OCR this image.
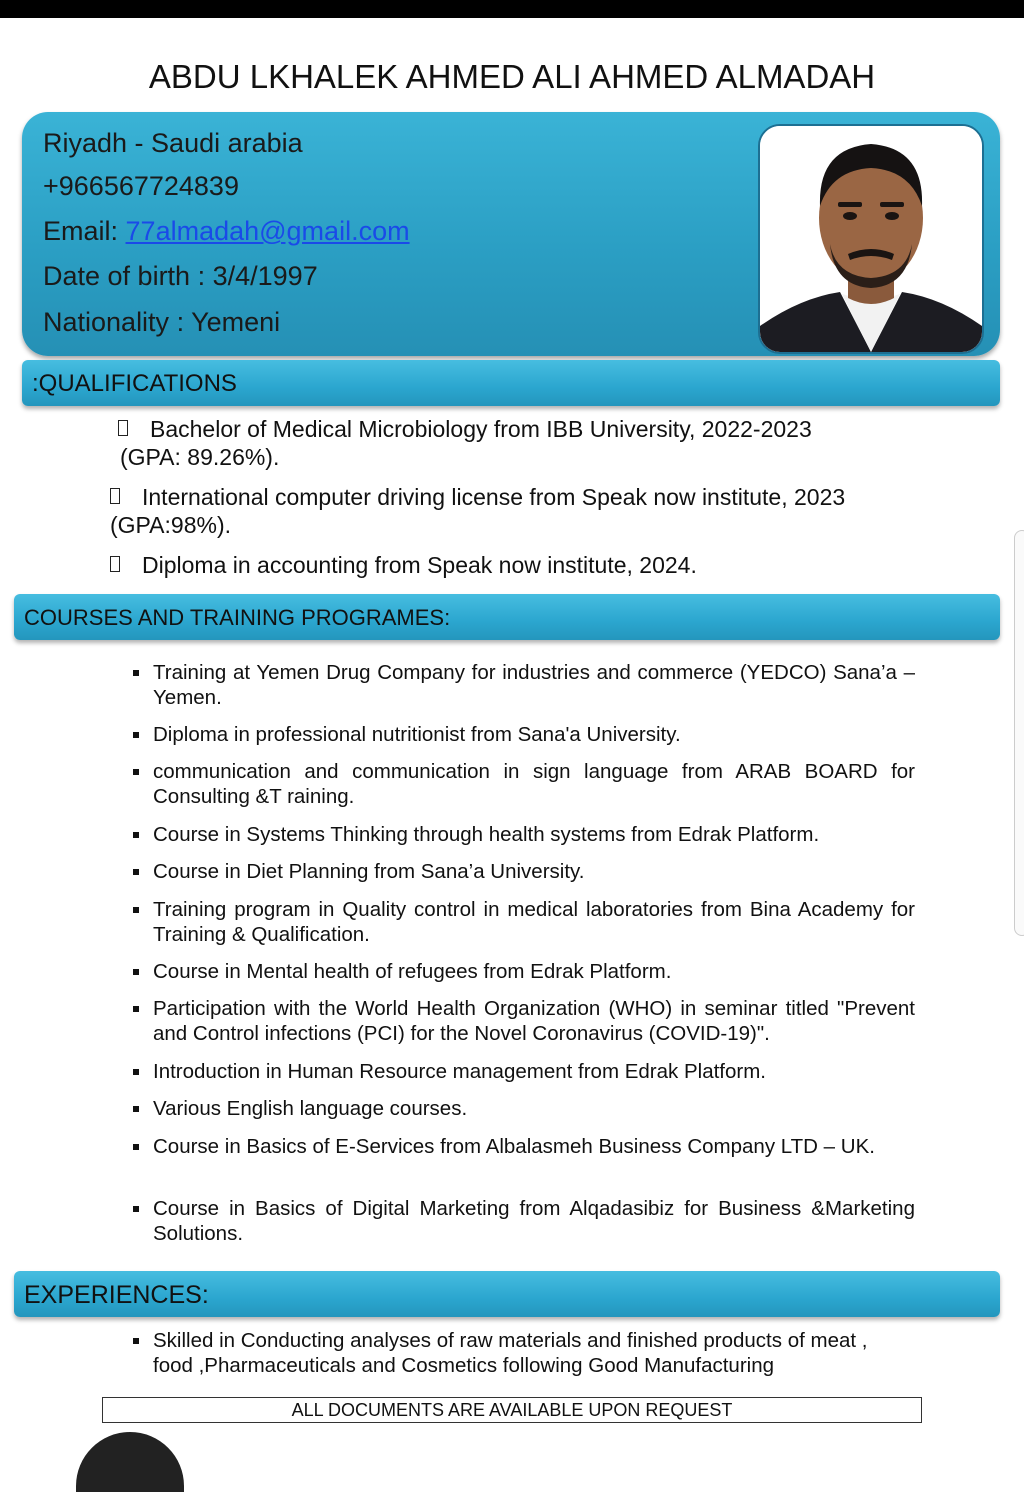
ABDU LKHALEK AHMED ALI AHMED ALMADAH
Riyadh - Saudi arabia
+966567724839
Email: 77almadah@gmail.com
Date of birth : 3/4/1997
Nationality : Yemeni
:QUALIFICATIONS
Bachelor of Medical Microbiology from IBB University, 2022-2023
(GPA: 89.26%).
International computer driving license from Speak now institute, 2023
(GPA:98%).
Diploma in accounting from Speak now institute, 2024.
COURSES AND TRAINING PROGRAMES:
Training at Yemen Drug Company for industries and commerce (YEDCO) Sana’a – Yemen.
Diploma in professional nutritionist from Sana'a University.
communication and communication in sign language from ARAB BOARD for Consulting &T raining.
Course in Systems Thinking through health systems from Edrak Platform.
Course in Diet Planning from Sana’a University.
Training program in Quality control in medical laboratories from Bina Academy for Training & Qualification.
Course in Mental health of refugees from Edrak Platform.
Participation with the World Health Organization (WHO) in seminar titled "Prevent and Control infections (PCI) for the Novel Coronavirus (COVID-19)".
Introduction in Human Resource management from Edrak Platform.
Various English language courses.
Course in Basics of E-Services from Albalasmeh Business Company LTD – UK.
Course in Basics of Digital Marketing from Alqadasibiz for Business &Marketing Solutions.
EXPERIENCES:
Skilled in Conducting analyses of raw materials and finished products of meat , food ,Pharmaceuticals and Cosmetics following Good Manufacturing
ALL DOCUMENTS ARE AVAILABLE UPON REQUEST
